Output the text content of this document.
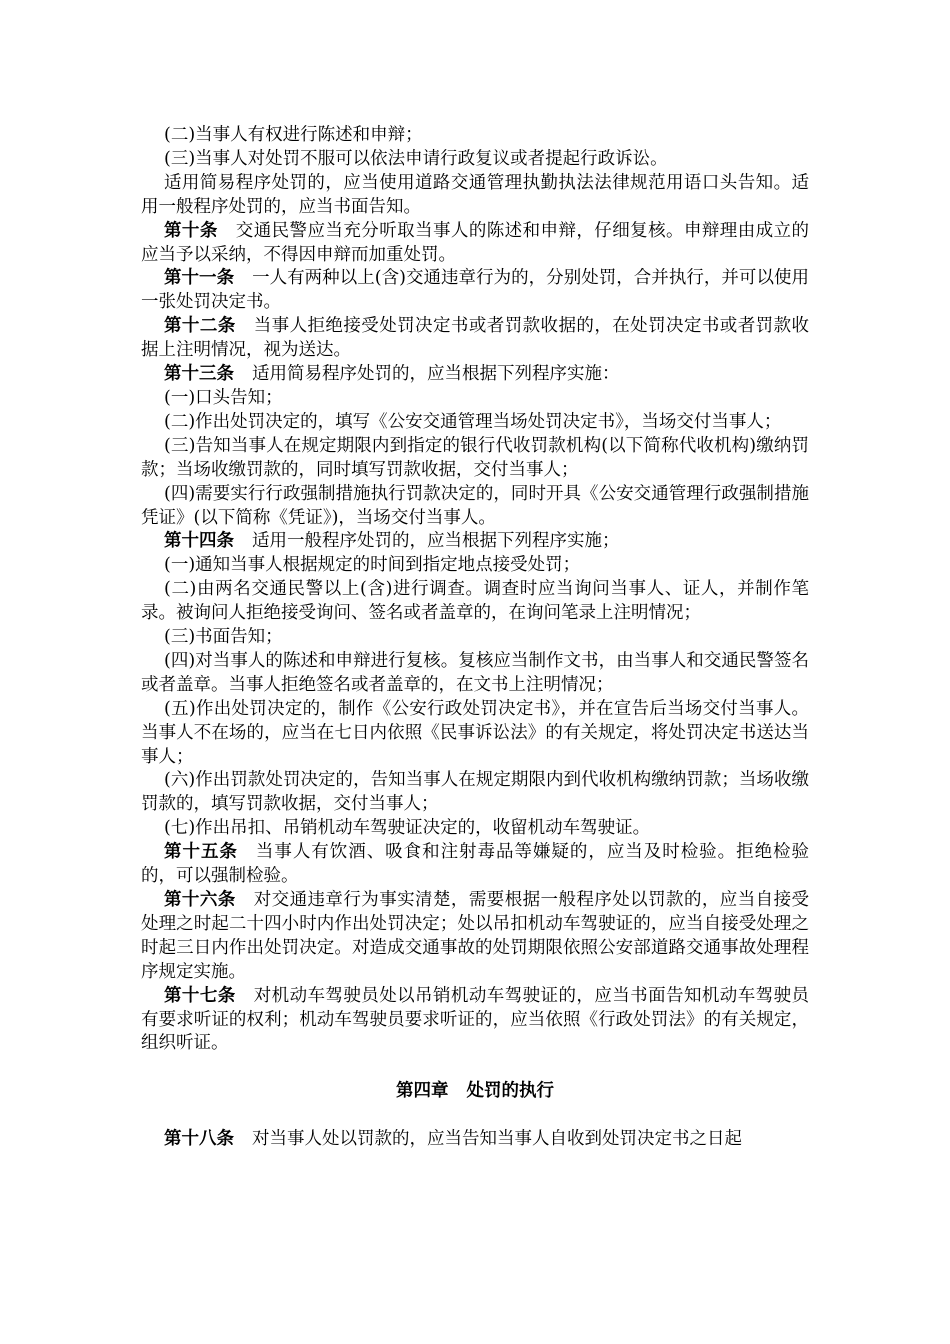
(二)当事人有权进行陈述和申辩；

(三)当事人对处罚不服可以依法申请行政复议或者提起行政诉讼。

适用简易程序处罚的，应当使用道路交通管理执勤执法法律规范用语口头告知。适用一般程序处罚的，应当书面告知。

第十条 交通民警应当充分听取当事人的陈述和申辩，仔细复核。申辩理由成立的应当予以采纳，不得因申辩而加重处罚。

第十一条 一人有两种以上(含)交通违章行为的，分别处罚，合并执行，并可以使用一张处罚决定书。

第十二条 当事人拒绝接受处罚决定书或者罚款收据的，在处罚决定书或者罚款收据上注明情况，视为送达。

第十三条 适用简易程序处罚的，应当根据下列程序实施：

(一)口头告知；

(二)作出处罚决定的，填写《公安交通管理当场处罚决定书》，当场交付当事人；

(三)告知当事人在规定期限内到指定的银行代收罚款机构(以下简称代收机构)缴纳罚款；当场收缴罚款的，同时填写罚款收据，交付当事人；

(四)需要实行行政强制措施执行罚款决定的，同时开具《公安交通管理行政强制措施凭证》(以下简称《凭证》)，当场交付当事人。

第十四条 适用一般程序处罚的，应当根据下列程序实施；

(一)通知当事人根据规定的时间到指定地点接受处罚；

(二)由两名交通民警以上(含)进行调查。调查时应当询问当事人、证人，并制作笔录。被询问人拒绝接受询问、签名或者盖章的，在询问笔录上注明情况；

(三)书面告知；

(四)对当事人的陈述和申辩进行复核。复核应当制作文书，由当事人和交通民警签名或者盖章。当事人拒绝签名或者盖章的，在文书上注明情况；

(五)作出处罚决定的，制作《公安行政处罚决定书》，并在宣告后当场交付当事人。当事人不在场的，应当在七日内依照《民事诉讼法》的有关规定，将处罚决定书送达当事人；

(六)作出罚款处罚决定的，告知当事人在规定期限内到代收机构缴纳罚款；当场收缴罚款的，填写罚款收据，交付当事人；

(七)作出吊扣、吊销机动车驾驶证决定的，收留机动车驾驶证。

第十五条 当事人有饮酒、吸食和注射毒品等嫌疑的，应当及时检验。拒绝检验的，可以强制检验。

第十六条 对交通违章行为事实清楚，需要根据一般程序处以罚款的，应当自接受处理之时起二十四小时内作出处罚决定；处以吊扣机动车驾驶证的，应当自接受处理之时起三日内作出处罚决定。对造成交通事故的处罚期限依照公安部道路交通事故处理程序规定实施。

第十七条 对机动车驾驶员处以吊销机动车驾驶证的，应当书面告知机动车驾驶员有要求听证的权利；机动车驾驶员要求听证的，应当依照《行政处罚法》的有关规定，组织听证。

第四章 处罚的执行

第十八条 对当事人处以罚款的，应当告知当事人自收到处罚决定书之日起
